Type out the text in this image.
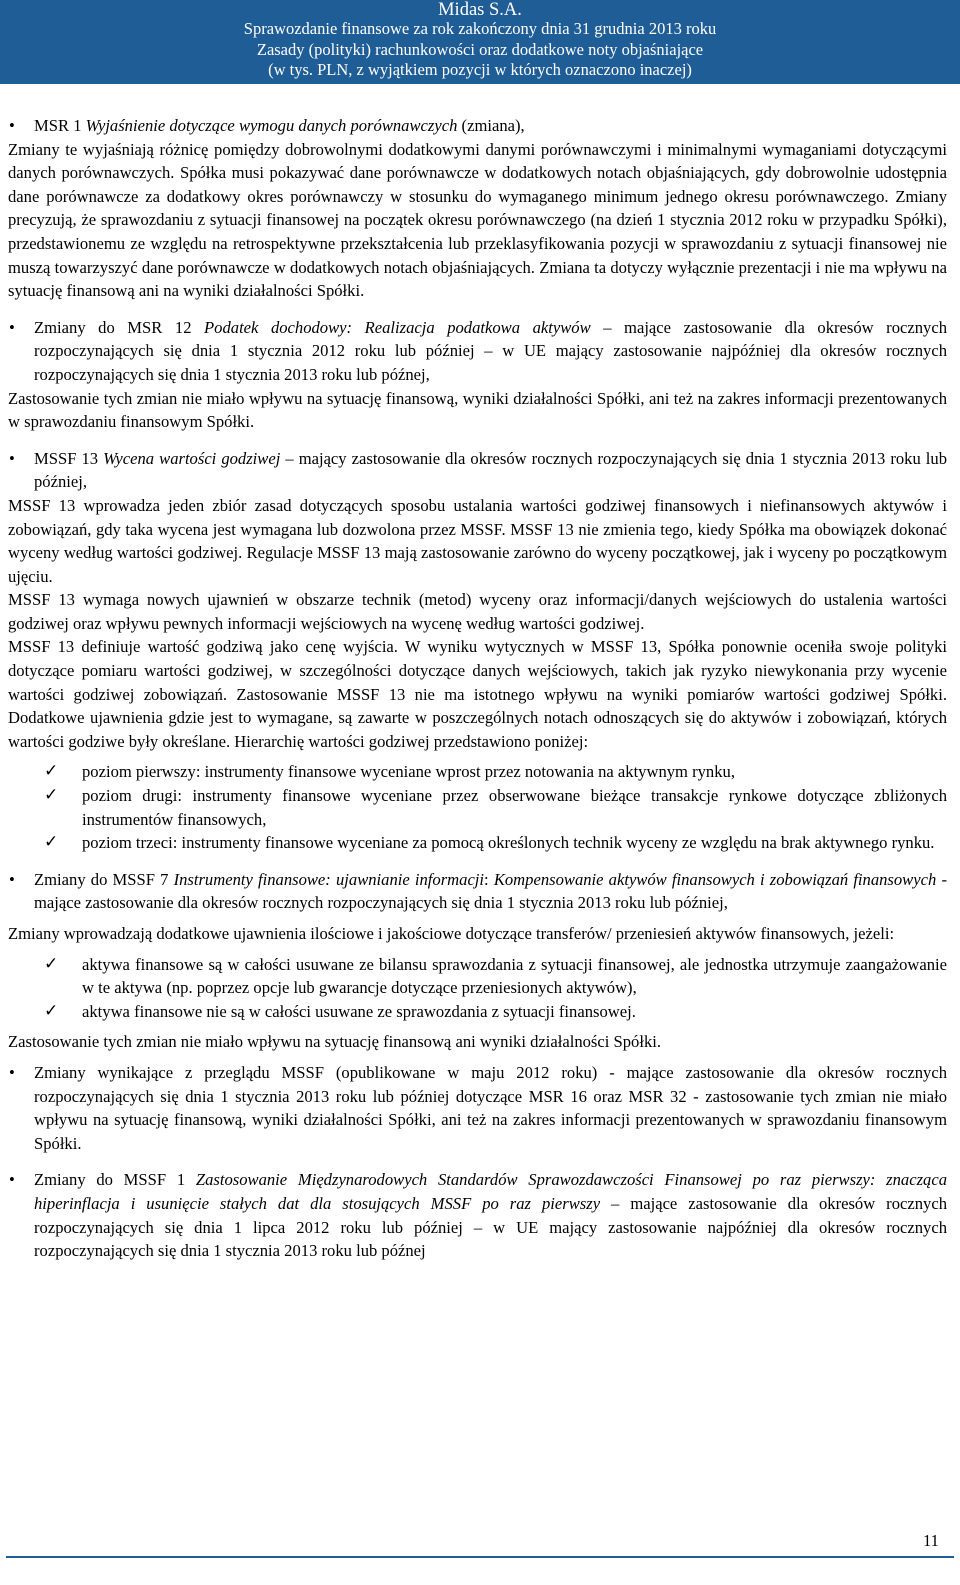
Midas S.A.
Sprawozdanie finansowe za rok zakończony dnia 31 grudnia 2013 roku
Zasady (polityki) rachunkowości oraz dodatkowe noty objaśniające
(w tys. PLN, z wyjątkiem pozycji w których oznaczono inaczej)

• MSR 1 Wyjaśnienie dotyczące wymogu danych porównawczych (zmiana),

Zmiany te wyjaśniają różnicę pomiędzy dobrowolnymi dodatkowymi danymi porównawczymi i minimalnymi wymaganiami dotyczącymi danych porównawczych. Spółka musi pokazywać dane porównawcze w dodatkowych notach objaśniających, gdy dobrowolnie udostępnia dane porównawcze za dodatkowy okres porównawczy w stosunku do wymaganego minimum jednego okresu porównawczego. Zmiany precyzują, że sprawozdaniu z sytuacji finansowej na początek okresu porównawczego (na dzień 1 stycznia 2012 roku w przypadku Spółki), przedstawionemu ze względu na retrospektywne przekształcenia lub przeklasyfikowania pozycji w sprawozdaniu z sytuacji finansowej nie muszą towarzyszyć dane porównawcze w dodatkowych notach objaśniających. Zmiana ta dotyczy wyłącznie prezentacji i nie ma wpływu na sytuację finansową ani na wyniki działalności Spółki.

• Zmiany do MSR 12 Podatek dochodowy: Realizacja podatkowa aktywów – mające zastosowanie dla okresów rocznych rozpoczynających się dnia 1 stycznia 2012 roku lub później – w UE mający zastosowanie najpóźniej dla okresów rocznych rozpoczynających się dnia 1 stycznia 2013 roku lub późnej,

Zastosowanie tych zmian nie miało wpływu na sytuację finansową, wyniki działalności Spółki, ani też na zakres informacji prezentowanych w sprawozdaniu finansowym Spółki.

• MSSF 13 Wycena wartości godziwej – mający zastosowanie dla okresów rocznych rozpoczynających się dnia 1 stycznia 2013 roku lub później,

MSSF 13 wprowadza jeden zbiór zasad dotyczących sposobu ustalania wartości godziwej finansowych i niefinansowych aktywów i zobowiązań, gdy taka wycena jest wymagana lub dozwolona przez MSSF. MSSF 13 nie zmienia tego, kiedy Spółka ma obowiązek dokonać wyceny według wartości godziwej. Regulacje MSSF 13 mają zastosowanie zarówno do wyceny początkowej, jak i wyceny po początkowym ujęciu.

MSSF 13 wymaga nowych ujawnień w obszarze technik (metod) wyceny oraz informacji/danych wejściowych do ustalenia wartości godziwej oraz wpływu pewnych informacji wejściowych na wycenę według wartości godziwej.

MSSF 13 definiuje wartość godziwą jako cenę wyjścia. W wyniku wytycznych w MSSF 13, Spółka ponownie oceniła swoje polityki dotyczące pomiaru wartości godziwej, w szczególności dotyczące danych wejściowych, takich jak ryzyko niewykonania przy wycenie wartości godziwej zobowiązań. Zastosowanie MSSF 13 nie ma istotnego wpływu na wyniki pomiarów wartości godziwej Spółki. Dodatkowe ujawnienia gdzie jest to wymagane, są zawarte w poszczególnych notach odnoszących się do aktywów i zobowiązań, których wartości godziwe były określane. Hierarchię wartości godziwej przedstawiono poniżej:

✓ poziom pierwszy: instrumenty finansowe wyceniane wprost przez notowania na aktywnym rynku,

✓ poziom drugi: instrumenty finansowe wyceniane przez obserwowane bieżące transakcje rynkowe dotyczące zbliżonych instrumentów finansowych,

✓ poziom trzeci: instrumenty finansowe wyceniane za pomocą określonych technik wyceny ze względu na brak aktywnego rynku.

• Zmiany do MSSF 7 Instrumenty finansowe: ujawnianie informacji: Kompensowanie aktywów finansowych i zobowiązań finansowych - mające zastosowanie dla okresów rocznych rozpoczynających się dnia 1 stycznia 2013 roku lub później,

Zmiany wprowadzają dodatkowe ujawnienia ilościowe i jakościowe dotyczące transferów/ przeniesień aktywów finansowych, jeżeli:

✓ aktywa finansowe są w całości usuwane ze bilansu sprawozdania z sytuacji finansowej, ale jednostka utrzymuje zaangażowanie w te aktywa (np. poprzez opcje lub gwarancje dotyczące przeniesionych aktywów),

✓ aktywa finansowe nie są w całości usuwane ze sprawozdania z sytuacji finansowej.

Zastosowanie tych zmian nie miało wpływu na sytuację finansową ani wyniki działalności Spółki.

• Zmiany wynikające z przeglądu MSSF (opublikowane w maju 2012 roku) - mające zastosowanie dla okresów rocznych rozpoczynających się dnia 1 stycznia 2013 roku lub później dotyczące MSR 16 oraz MSR 32 - zastosowanie tych zmian nie miało wpływu na sytuację finansową, wyniki działalności Spółki, ani też na zakres informacji prezentowanych w sprawozdaniu finansowym Spółki.

• Zmiany do MSSF 1 Zastosowanie Międzynarodowych Standardów Sprawozdawczości Finansowej po raz pierwszy: znacząca hiperinflacja i usunięcie stałych dat dla stosujących MSSF po raz pierwszy – mające zastosowanie dla okresów rocznych rozpoczynających się dnia 1 lipca 2012 roku lub później – w UE mający zastosowanie najpóźniej dla okresów rocznych rozpoczynających się dnia 1 stycznia 2013 roku lub późnej

11
